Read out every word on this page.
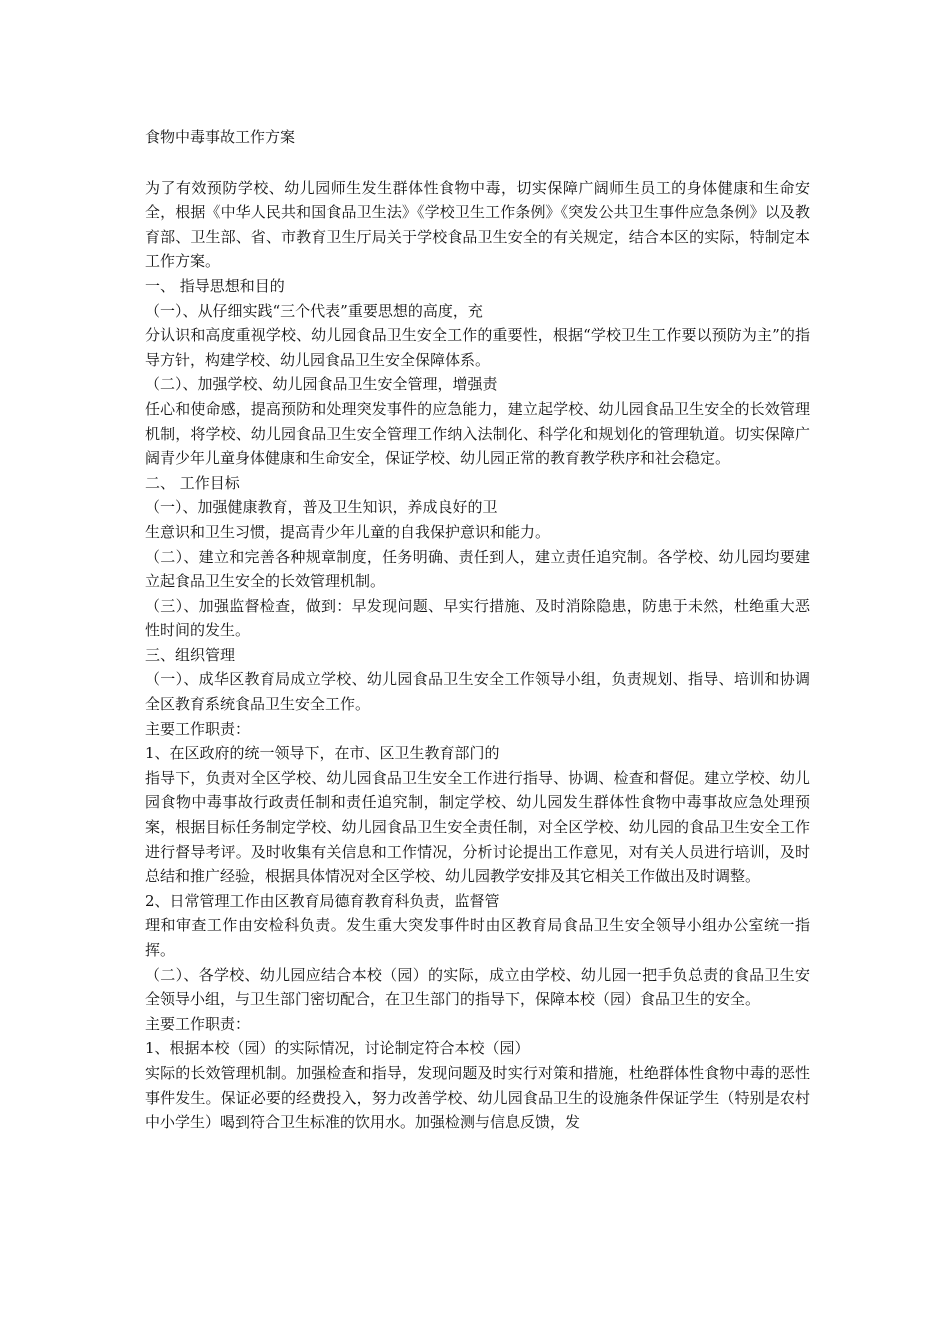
食物中毒事故工作方案

为了有效预防学校、幼儿园师生发生群体性食物中毒，切实保障广阔师生员工的身体健康和生命安全，根据《中华人民共和国食品卫生法》《学校卫生工作条例》《突发公共卫生事件应急条例》以及教育部、卫生部、省、市教育卫生厅局关于学校食品卫生安全的有关规定，结合本区的实际，特制定本工作方案。

一、 指导思想和目的

（一）、从仔细实践“三个代表”重要思想的高度，充

分认识和高度重视学校、幼儿园食品卫生安全工作的重要性，根据“学校卫生工作要以预防为主”的指导方针，构建学校、幼儿园食品卫生安全保障体系。

（二）、加强学校、幼儿园食品卫生安全管理，增强责

任心和使命感，提高预防和处理突发事件的应急能力，建立起学校、幼儿园食品卫生安全的长效管理机制，将学校、幼儿园食品卫生安全管理工作纳入法制化、科学化和规划化的管理轨道。切实保障广阔青少年儿童身体健康和生命安全，保证学校、幼儿园正常的教育教学秩序和社会稳定。

二、 工作目标

（一）、加强健康教育，普及卫生知识，养成良好的卫

生意识和卫生习惯，提高青少年儿童的自我保护意识和能力。

（二）、建立和完善各种规章制度，任务明确、责任到人，建立责任追究制。各学校、幼儿园均要建立起食品卫生安全的长效管理机制。

（三）、加强监督检查，做到：早发现问题、早实行措施、及时消除隐患，防患于未然，杜绝重大恶性时间的发生。

三、组织管理

（一）、成华区教育局成立学校、幼儿园食品卫生安全工作领导小组，负责规划、指导、培训和协调全区教育系统食品卫生安全工作。

主要工作职责：

1、在区政府的统一领导下，在市、区卫生教育部门的

指导下，负责对全区学校、幼儿园食品卫生安全工作进行指导、协调、检查和督促。建立学校、幼儿园食物中毒事故行政责任制和责任追究制，制定学校、幼儿园发生群体性食物中毒事故应急处理预案，根据目标任务制定学校、幼儿园食品卫生安全责任制，对全区学校、幼儿园的食品卫生安全工作进行督导考评。及时收集有关信息和工作情况，分析讨论提出工作意见，对有关人员进行培训，及时总结和推广经验，根据具体情况对全区学校、幼儿园教学安排及其它相关工作做出及时调整。

2、日常管理工作由区教育局德育教育科负责，监督管

理和审查工作由安检科负责。发生重大突发事件时由区教育局食品卫生安全领导小组办公室统一指挥。

（二）、各学校、幼儿园应结合本校（园）的实际，成立由学校、幼儿园一把手负总责的食品卫生安全领导小组，与卫生部门密切配合，在卫生部门的指导下，保障本校（园）食品卫生的安全。

主要工作职责：

1、根据本校（园）的实际情况，讨论制定符合本校（园）

实际的长效管理机制。加强检查和指导，发现问题及时实行对策和措施，杜绝群体性食物中毒的恶性事件发生。保证必要的经费投入，努力改善学校、幼儿园食品卫生的设施条件保证学生（特别是农村中小学生）喝到符合卫生标准的饮用水。加强检测与信息反馈，发
